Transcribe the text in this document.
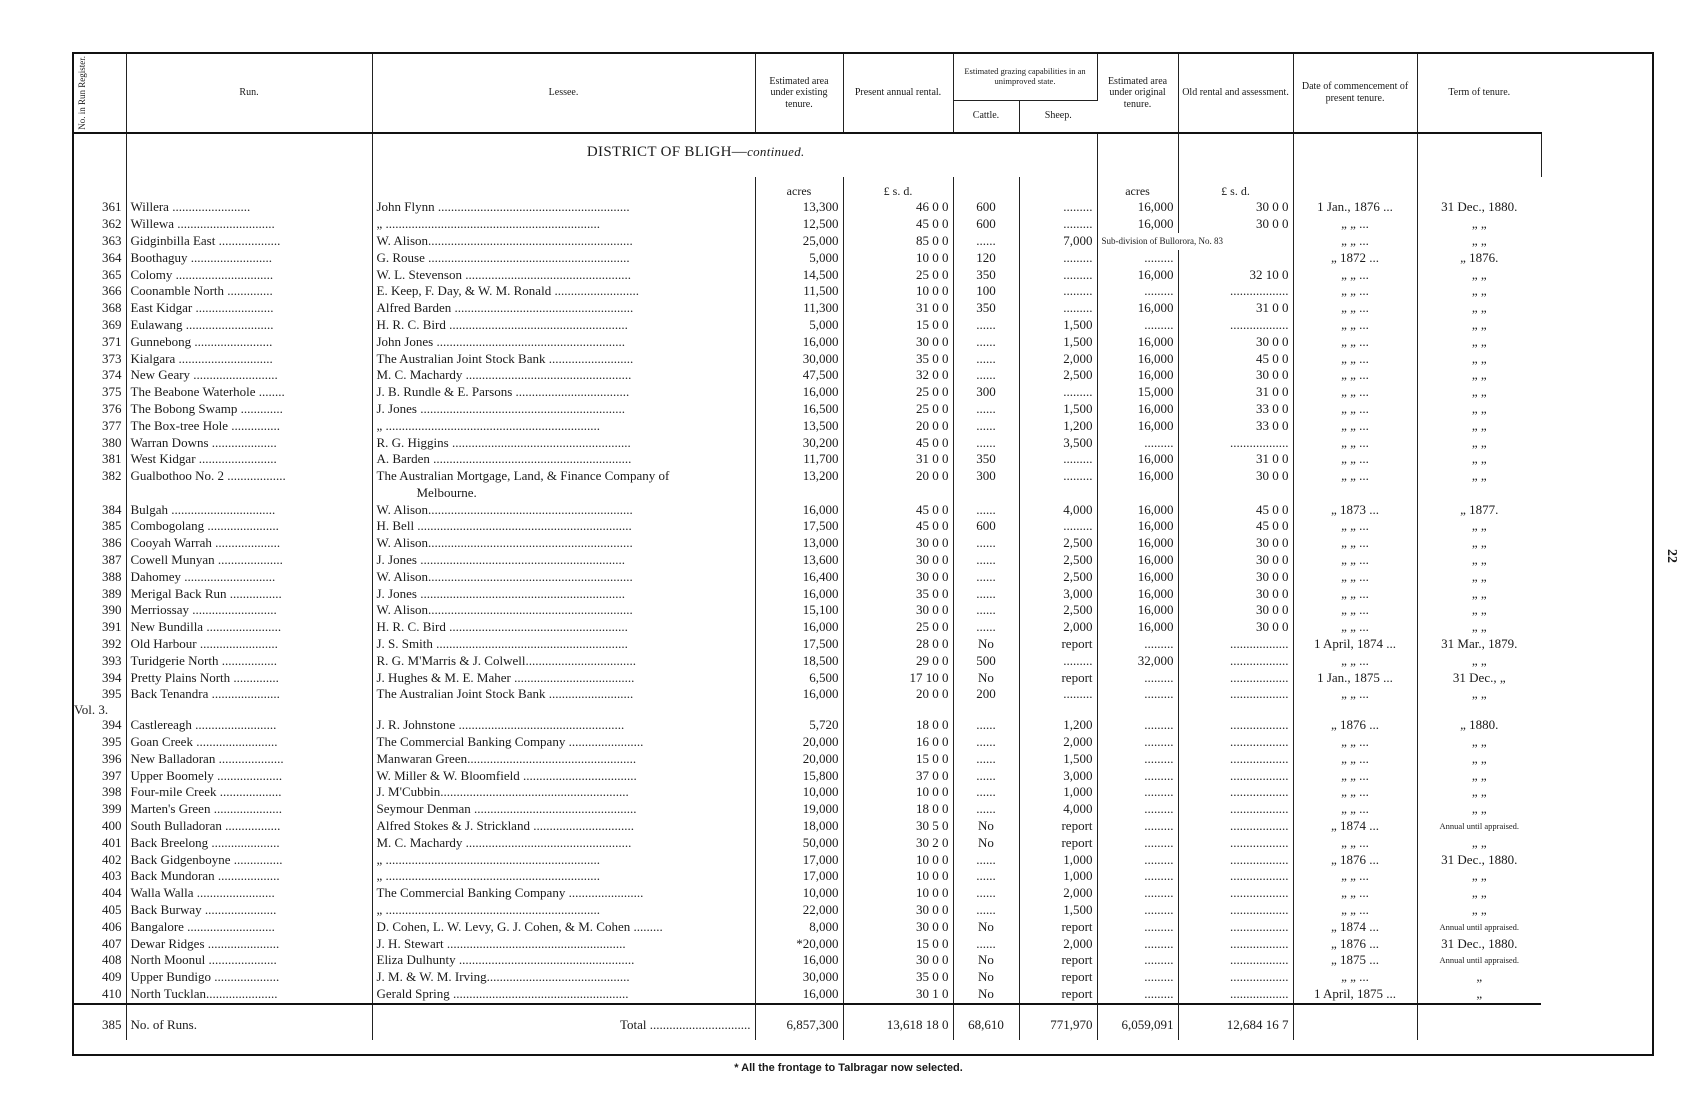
No. in Run Register.	Run.	Lessee.	Estimated area under existing tenure.	Present annual rental.	Estimated grazing capabilities in an unimproved state.		Estimated area under original tenure.	Old rental and assessment.	Date of commencement of present tenure.	Term of tenure.	
					Cattle.	Sheep.					
		DISTRICT OF BLIGH—continued.									
			acres	£ s. d.			acres	£ s. d.			
361	Willera ........................	John Flynn ...........................................................	13,300	46 0 0	600	.........	16,000	30 0 0	1 Jan., 1876 ...	31 Dec., 1880.	
362	Willewa ..............................	„ ..................................................................	12,500	45 0 0	600	.........	16,000	30 0 0	„ „ ...	„ „	
363	Gidginbilla East ...................	W. Alison...............................................................	25,000	85 0 0	......	7,000	Sub-division of Bullorora, No. 83		„ „ ...	„ „	
364	Boothaguy .........................	G. Rouse ..............................................................	5,000	10 0 0	120	.........	.........		„ 1872 ...	„ 1876.	
365	Colomy ..............................	W. L. Stevenson ...................................................	14,500	25 0 0	350	.........	16,000	32 10 0	„ „ ...	„ „	
366	Coonamble North ..............	E. Keep, F. Day, & W. M. Ronald ..........................	11,500	10 0 0	100	.........	.........	..................	„ „ ...	„ „	
368	East Kidgar ........................	Alfred Barden .......................................................	11,300	31 0 0	350	.........	16,000	31 0 0	„ „ ...	„ „	
369	Eulawang ...........................	H. R. C. Bird .......................................................	5,000	15 0 0	......	1,500	.........	..................	„ „ ...	„ „	
371	Gunnebong ........................	John Jones ..........................................................	16,000	30 0 0	......	1,500	16,000	30 0 0	„ „ ...	„ „	
373	Kialgara .............................	The Australian Joint Stock Bank ..........................	30,000	35 0 0	......	2,000	16,000	45 0 0	„ „ ...	„ „	
374	New Geary ..........................	M. C. Machardy ...................................................	47,500	32 0 0	......	2,500	16,000	30 0 0	„ „ ...	„ „	
375	The Beabone Waterhole ........	J. B. Rundle & E. Parsons ...................................	16,000	25 0 0	300	.........	15,000	31 0 0	„ „ ...	„ „	
376	The Bobong Swamp .............	J. Jones ...............................................................	16,500	25 0 0	......	1,500	16,000	33 0 0	„ „ ...	„ „	
377	The Box-tree Hole ...............	„ ..................................................................	13,500	20 0 0	......	1,200	16,000	33 0 0	„ „ ...	„ „	
380	Warran Downs ....................	R. G. Higgins .......................................................	30,200	45 0 0	......	3,500	.........	..................	„ „ ...	„ „	
381	West Kidgar ........................	A. Barden .............................................................	11,700	31 0 0	350	.........	16,000	31 0 0	„ „ ...	„ „	
382	Gualbothoo No. 2 ..................	The Australian Mortgage, Land, & Finance Company of
Melbourne.	13,200	20 0 0	300	.........	16,000	30 0 0	„ „ ...	„ „	
384	Bulgah ................................	W. Alison...............................................................	16,000	45 0 0	......	4,000	16,000	45 0 0	„ 1873 ...	„ 1877.	
385	Combogolang ......................	H. Bell ..................................................................	17,500	45 0 0	600	.........	16,000	45 0 0	„ „ ...	„ „	
386	Cooyah Warrah ....................	W. Alison...............................................................	13,000	30 0 0	......	2,500	16,000	30 0 0	„ „ ...	„ „	
387	Cowell Munyan ....................	J. Jones ...............................................................	13,600	30 0 0	......	2,500	16,000	30 0 0	„ „ ...	„ „	
388	Dahomey ............................	W. Alison...............................................................	16,400	30 0 0	......	2,500	16,000	30 0 0	„ „ ...	„ „	
389	Merigal Back Run ................	J. Jones ...............................................................	16,000	35 0 0	......	3,000	16,000	30 0 0	„ „ ...	„ „	
390	Merriossay ..........................	W. Alison...............................................................	15,100	30 0 0	......	2,500	16,000	30 0 0	„ „ ...	„ „	
391	New Bundilla .......................	H. R. C. Bird .......................................................	16,000	25 0 0	......	2,000	16,000	30 0 0	„ „ ...	„ „	
392	Old Harbour ........................	J. S. Smith ...........................................................	17,500	28 0 0	No	report	.........	..................	1 April, 1874 ...	31 Mar., 1879.	
393	Turidgerie North .................	R. G. M'Marris & J. Colwell..................................	18,500	29 0 0	500	.........	32,000	..................	„ „ ...	„ „	
394	Pretty Plains North ..............	J. Hughes & M. E. Maher .....................................	6,500	17 10 0	No	report	.........	..................	1 Jan., 1875 ...	31 Dec., „	
395	Back Tenandra .....................	The Australian Joint Stock Bank ..........................	16,000	20 0 0	200	.........	.........	..................	„ „ ...	„ „	
Vol. 3.											
394	Castlereagh .........................	J. R. Johnstone ...................................................	5,720	18 0 0	......	1,200	.........	..................	„ 1876 ...	„ 1880.	
395	Goan Creek .........................	The Commercial Banking Company .......................	20,000	16 0 0	......	2,000	.........	..................	„ „ ...	„ „	
396	New Balladoran ....................	Manwaran Green....................................................	20,000	15 0 0	......	1,500	.........	..................	„ „ ...	„ „	
397	Upper Boomely ....................	W. Miller & W. Bloomfield ...................................	15,800	37 0 0	......	3,000	.........	..................	„ „ ...	„ „	
398	Four-mile Creek ...................	J. M'Cubbin..........................................................	10,000	10 0 0	......	1,000	.........	..................	„ „ ...	„ „	
399	Marten's Green .....................	Seymour Denman ..................................................	19,000	18 0 0	......	4,000	.........	..................	„ „ ...	„ „	
400	South Bulladoran .................	Alfred Stokes & J. Strickland ...............................	18,000	30 5 0	No	report	.........	..................	„ 1874 ...	Annual until appraised.	
401	Back Breelong .....................	M. C. Machardy ...................................................	50,000	30 2 0	No	report	.........	..................	„ „ ...	„ „	
402	Back Gidgenboyne ...............	„ ..................................................................	17,000	10 0 0	......	1,000	.........	..................	„ 1876 ...	31 Dec., 1880.	
403	Back Mundoran ...................	„ ..................................................................	17,000	10 0 0	......	1,000	.........	..................	„ „ ...	„ „	
404	Walla Walla ........................	The Commercial Banking Company .......................	10,000	10 0 0	......	2,000	.........	..................	„ „ ...	„ „	
405	Back Burway ......................	„ ..................................................................	22,000	30 0 0	......	1,500	.........	..................	„ „ ...	„ „	
406	Bangalore ...........................	D. Cohen, L. W. Levy, G. J. Cohen, & M. Cohen .........	8,000	30 0 0	No	report	.........	..................	„ 1874 ...	Annual until appraised.	
407	Dewar Ridges ......................	J. H. Stewart .......................................................	*20,000	15 0 0	......	2,000	.........	..................	„ 1876 ...	31 Dec., 1880.	
408	North Moonul .....................	Eliza Dulhunty ......................................................	16,000	30 0 0	No	report	.........	..................	„ 1875 ...	Annual until appraised.	
409	Upper Bundigo ....................	J. M. & W. M. Irving............................................	30,000	35 0 0	No	report	.........	..................	„ „ ...	„	
410	North Tucklan......................	Gerald Spring ......................................................	16,000	30 1 0	No	report	.........	..................	1 April, 1875 ...	„	
385	No. of Runs.	Total ...............................	6,857,300	13,618 18 0	68,610	771,970	6,059,091	12,684 16 7			
* All the frontage to Talbragar now selected.
22
